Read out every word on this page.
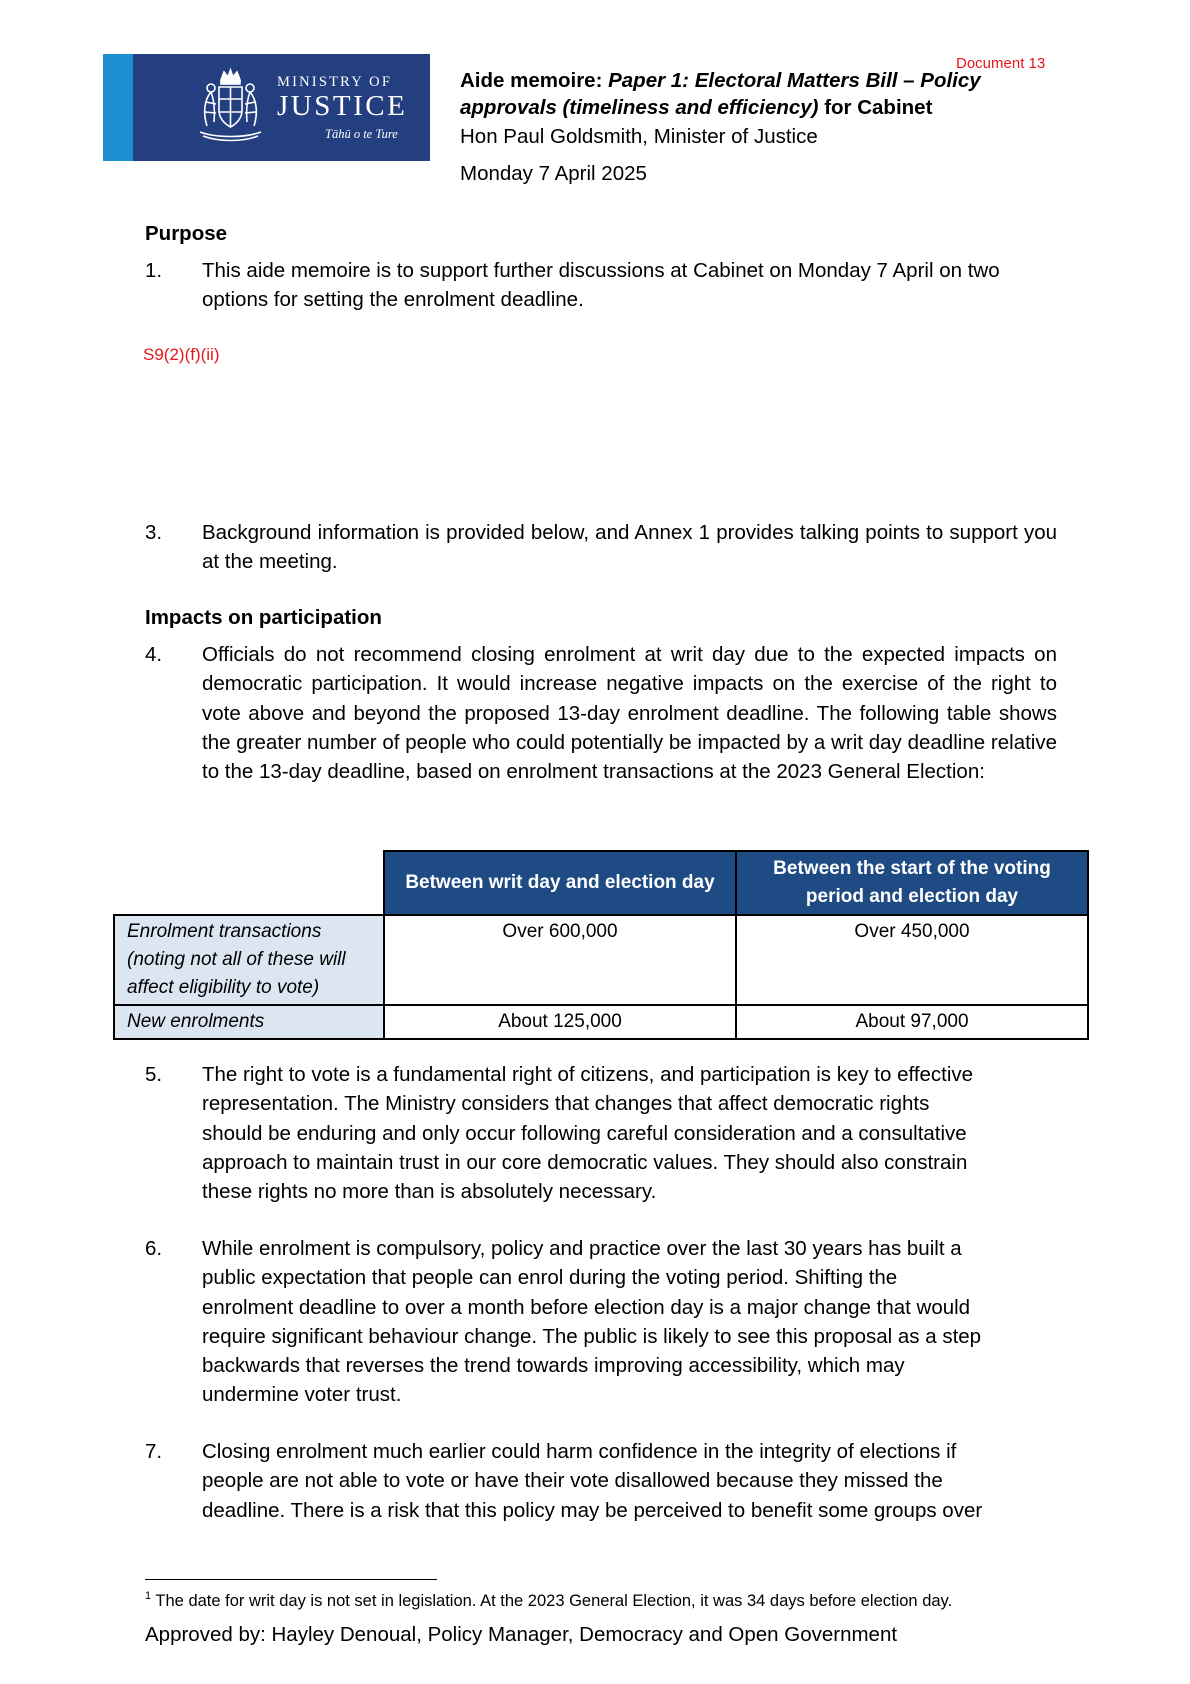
Document 13
MINISTRY OF
JUSTICE
Tāhū o te Ture
Aide memoire: Paper 1: Electoral Matters Bill – Policy approvals (timeliness and efficiency) for Cabinet
Hon Paul Goldsmith, Minister of Justice
Monday 7 April 2025
Purpose
1. This aide memoire is to support further discussions at Cabinet on Monday 7 April on two options for setting the enrolment deadline.
S9(2)(f)(ii)
3. Background information is provided below, and Annex 1 provides talking points to support you at the meeting.
Impacts on participation
4. Officials do not recommend closing enrolment at writ day due to the expected impacts on democratic participation. It would increase negative impacts on the exercise of the right to vote above and beyond the proposed 13-day enrolment deadline. The following table shows the greater number of people who could potentially be impacted by a writ day deadline relative to the 13-day deadline, based on enrolment transactions at the 2023 General Election:
	Between writ day and election day	Between the start of the voting period and election day
Enrolment transactions (noting not all of these will affect eligibility to vote)	Over 600,000	Over 450,000
New enrolments	About 125,000	About 97,000
5. The right to vote is a fundamental right of citizens, and participation is key to effective
representation. The Ministry considers that changes that affect democratic rights
should be enduring and only occur following careful consideration and a consultative
approach to maintain trust in our core democratic values. They should also constrain
these rights no more than is absolutely necessary.
6. While enrolment is compulsory, policy and practice over the last 30 years has built a
public expectation that people can enrol during the voting period. Shifting the
enrolment deadline to over a month before election day is a major change that would
require significant behaviour change. The public is likely to see this proposal as a step
backwards that reverses the trend towards improving accessibility, which may
undermine voter trust.
7. Closing enrolment much earlier could harm confidence in the integrity of elections if
people are not able to vote or have their vote disallowed because they missed the
deadline. There is a risk that this policy may be perceived to benefit some groups over
$^1$ The date for writ day is not set in legislation. At the 2023 General Election, it was 34 days before election day.
Approved by: Hayley Denoual, Policy Manager, Democracy and Open Government
